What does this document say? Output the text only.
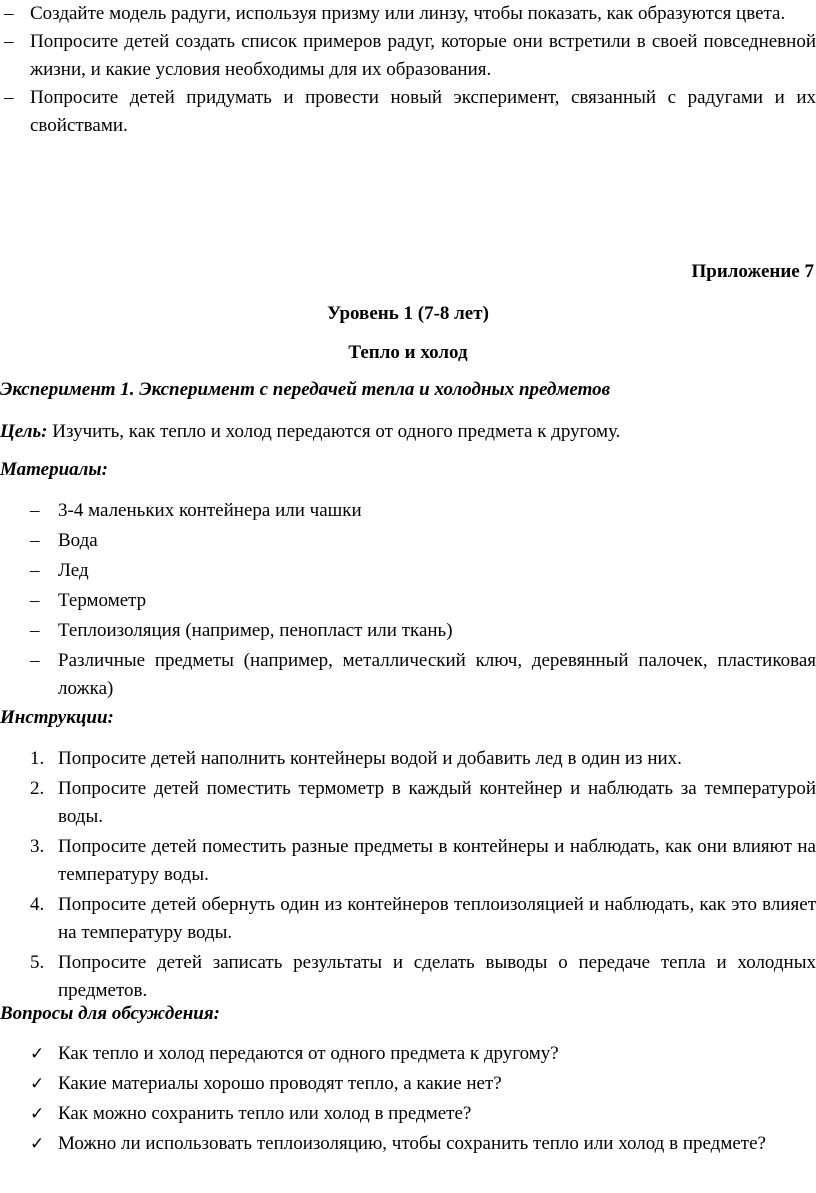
– Создайте модель радуги, используя призму или линзу, чтобы показать, как образуются цвета.
– Попросите детей создать список примеров радуг, которые они встретили в своей повседневной жизни, и какие условия необходимы для их образования.
– Попросите детей придумать и провести новый эксперимент, связанный с радугами и их свойствами.
Приложение 7
Уровень 1 (7-8 лет)
Тепло и холод
Эксперимент 1. Эксперимент с передачей тепла и холодных предметов
Цель: Изучить, как тепло и холод передаются от одного предмета к другому.
Материалы:
– 3-4 маленьких контейнера или чашки
– Вода
– Лед
– Термометр
– Теплоизоляция (например, пенопласт или ткань)
– Различные предметы (например, металлический ключ, деревянный палочек, пластиковая ложка)
Инструкции:
1. Попросите детей наполнить контейнеры водой и добавить лед в один из них.
2. Попросите детей поместить термометр в каждый контейнер и наблюдать за температурой воды.
3. Попросите детей поместить разные предметы в контейнеры и наблюдать, как они влияют на температуру воды.
4. Попросите детей обернуть один из контейнеров теплоизоляцией и наблюдать, как это влияет на температуру воды.
5. Попросите детей записать результаты и сделать выводы о передаче тепла и холодных предметов.
Вопросы для обсуждения:
✓ Как тепло и холод передаются от одного предмета к другому?
✓ Какие материалы хорошо проводят тепло, а какие нет?
✓ Как можно сохранить тепло или холод в предмете?
✓ Можно ли использовать теплоизоляцию, чтобы сохранить тепло или холод в предмете?
